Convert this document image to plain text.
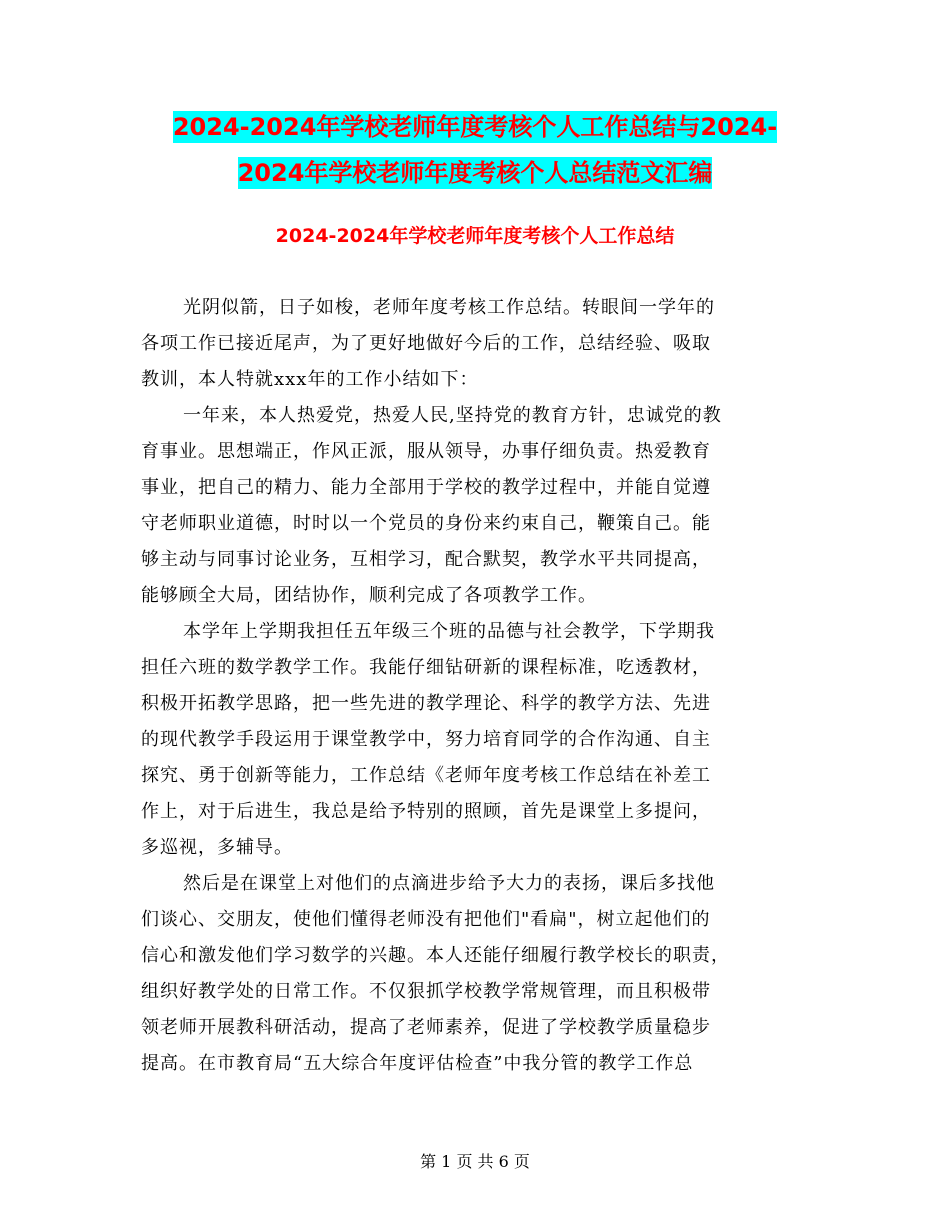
2024-2024年学校老师年度考核个人工作总结与2024-
2024年学校老师年度考核个人总结范文汇编
2024-2024年学校老师年度考核个人工作总结
光阴似箭，日子如梭，老师年度考核工作总结。转眼间一学年的
各项工作已接近尾声，为了更好地做好今后的工作，总结经验、吸取
教训，本人特就xxx年的工作小结如下：
一年来，本人热爱党，热爱人民,坚持党的教育方针，忠诚党的教
育事业。思想端正，作风正派，服从领导，办事仔细负责。热爱教育
事业，把自己的精力、能力全部用于学校的教学过程中，并能自觉遵
守老师职业道德，时时以一个党员的身份来约束自己，鞭策自己。能
够主动与同事讨论业务，互相学习，配合默契，教学水平共同提高，
能够顾全大局，团结协作，顺利完成了各项教学工作。
本学年上学期我担任五年级三个班的品德与社会教学，下学期我
担任六班的数学教学工作。我能仔细钻研新的课程标准，吃透教材，
积极开拓教学思路，把一些先进的教学理论、科学的教学方法、先进
的现代教学手段运用于课堂教学中，努力培育同学的合作沟通、自主
探究、勇于创新等能力，工作总结《老师年度考核工作总结在补差工
作上，对于后进生，我总是给予特别的照顾，首先是课堂上多提问，
多巡视，多辅导。
然后是在课堂上对他们的点滴进步给予大力的表扬，课后多找他
们谈心、交朋友，使他们懂得老师没有把他们"看扁"，树立起他们的
信心和激发他们学习数学的兴趣。本人还能仔细履行教学校长的职责，
组织好教学处的日常工作。不仅狠抓学校教学常规管理，而且积极带
领老师开展教科研活动，提高了老师素养，促进了学校教学质量稳步
提高。在市教育局“五大综合年度评估检查”中我分管的教学工作总
第 1 页 共 6 页
